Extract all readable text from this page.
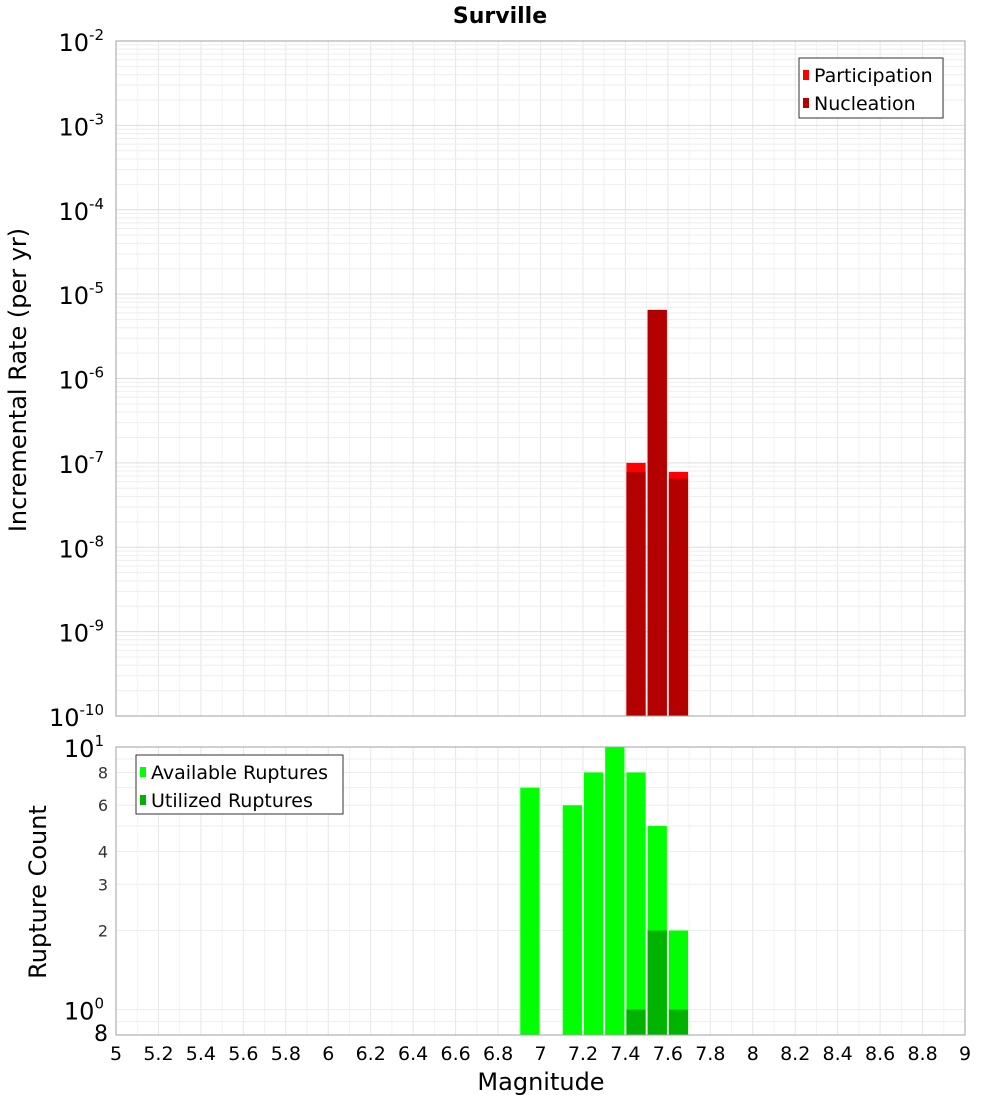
Surville
Incremental Rate (per yr)
Rupture Count
Magnitude
$10^{-2}$
$10^{-3}$
$10^{-4}$
$10^{-5}$
$10^{-6}$
$10^{-7}$
$10^{-8}$
$10^{-9}$
$10^{-10}$
$10^1$
8
6
4
3
2
$10^0$
8
5 5.2 5.4 5.6 5.8 6 6.2 6.4 6.6 6.8 7 7.2 7.4 7.6 7.8 8 8.2 8.4 8.6 8.8 9
Participation
Nucleation
Available Ruptures
Utilized Ruptures
